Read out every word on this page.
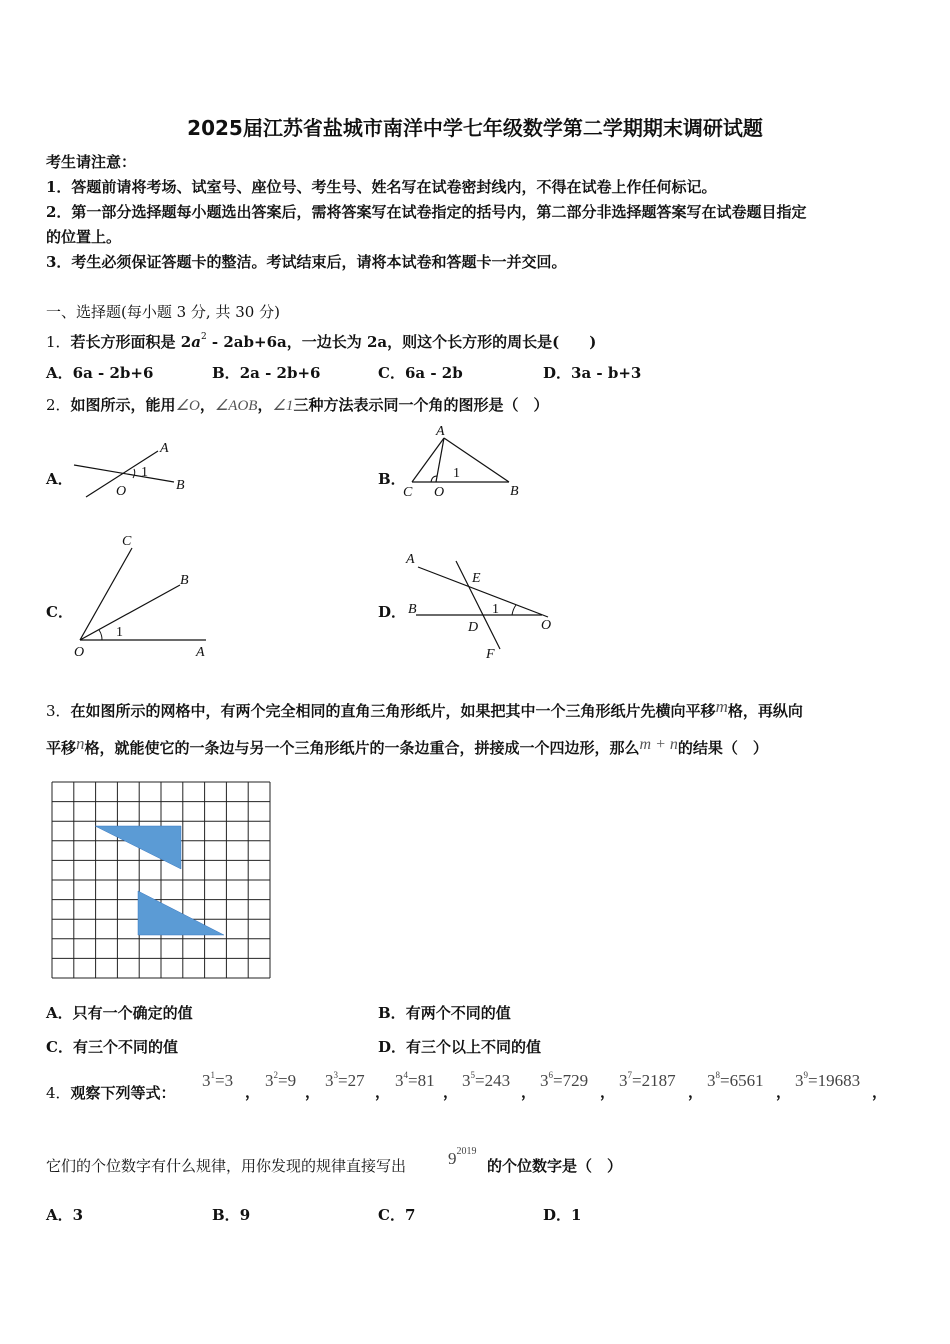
2025届江苏省盐城市南洋中学七年级数学第二学期期末调研试题
考生请注意：
1．答题前请将考场、试室号、座位号、考生号、姓名写在试卷密封线内，不得在试卷上作任何标记。
2．第一部分选择题每小题选出答案后，需将答案写在试卷指定的括号内，第二部分非选择题答案写在试卷题目指定
的位置上。
3．考生必须保证答题卡的整洁。考试结束后，请将本试卷和答题卡一并交回。
一、选择题(每小题 3 分, 共 30 分)
1．若长方形面积是 $2a^2 - 2ab+6a$，一边长为 2a，则这个长方形的周长是(　　)
A．6a - 2b+6	B．2a - 2b+6	C．6a - 2b	D．3a - b+3
2．如图所示，能用∠O，∠AOB，∠1三种方法表示同一个角的图形是（　）
A．	B．
C．	D．
A
1
O	B
A
1
C O	B
C
B
1
O	A
A
E
B	1
D	O
F
3．在如图所示的网格中，有两个完全相同的直角三角形纸片，如果把其中一个三角形纸片先横向平移m格，再纵向
平移n格，就能使它的一条边与另一个三角形纸片的一条边重合，拼接成一个四边形，那么m + n的结果（　）
A．只有一个确定的值	B．有两个不同的值
C．有三个不同的值	D．有三个以上不同的值
4．观察下列等式：
$3^1=3$
，
$3^2=9$
，
$3^3=27$
，
$3^4=81$
，
$3^5=243$
，
$3^6=729$
，
$3^7=2187$
，
$3^8=6561$
，
$3^9=19683$
，
它们的个位数字有什么规律，用你发现的规律直接写出 $9^{2019}$
的个位数字是（　）
A．3	B．9	C．7	D．1
